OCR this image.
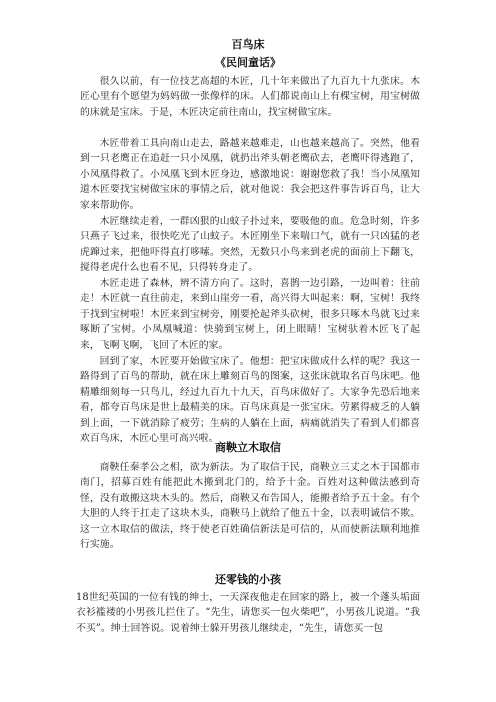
百鸟床
《民间童话》
很久以前，有一位技艺高超的木匠，几十年来做出了九百九十九张床。木匠心里有个愿望为妈妈做一张像样的床。人们都说南山上有棵宝树，用宝树做的床就是宝床。于是，木匠决定前往南山，找宝树做宝床。
木匠带着工具向南山走去，路越来越难走，山也越来越高了。突然，他看到一只老鹰正在追赶一只小凤凰，就扔出斧头朝老鹰砍去，老鹰吓得逃跑了，小凤凰得救了。小凤凰飞到木匠身边，感激地说：谢谢您救了我！当小凤凰知道木匠要找宝树做宝床的事情之后，就对他说：我会把这件事告诉百鸟，让大家来帮助你。
木匠继续走着，一群凶狠的山蚊子扑过来，要吸他的血。危急时刻，许多只燕子飞过来，很快吃光了山蚊子。木匠刚坐下来喘口气，就有一只凶猛的老虎蹿过来，把他吓得直打哆嗦。突然，无数只小鸟来到老虎的面前上下翻飞，搅得老虎什么也看不见，只得转身走了。
木匠走进了森林，辨不清方向了。这时，喜鹊一边引路，一边叫着：往前走！木匠就一直往前走，来到山崖旁一看，高兴得大叫起来：啊，宝树！我终于找到宝树啦！木匠来到宝树旁，刚要抡起斧头砍树，很多只啄木鸟就飞过来啄断了宝树。小凤凰喊道：快骑到宝树上，闭上眼睛！宝树驮着木匠飞了起来，飞啊飞啊，飞回了木匠的家。
回到了家，木匠要开始做宝床了。他想：把宝床做成什么样的呢？我这一路得到了百鸟的帮助，就在床上雕刻百鸟的图案，这张床就取名百鸟床吧。他精雕细刻每一只鸟儿，经过九百九十九天，百鸟床做好了。大家争先恐后地来看，都夸百鸟床是世上最精美的床。百鸟床真是一张宝床。劳累得疲乏的人躺到上面，一下就消除了疲劳；生病的人躺在上面，病痛就消失了看到人们都喜欢百鸟床，木匠心里可高兴啦。
商鞅立木取信
商鞅任秦孝公之相，欲为新法。为了取信于民，商鞅立三丈之木于国都市南门，招募百姓有能把此木搬到北门的，给予十金。百姓对这种做法感到奇怪，没有敢搬这块木头的。然后，商鞅又布告国人，能搬者给予五十金。有个大胆的人终于扛走了这块木头，商鞅马上就给了他五十金，以表明诚信不欺。这一立木取信的做法，终于使老百姓确信新法是可信的，从而使新法顺利地推行实施。
还零钱的小孩
18世纪英国的一位有钱的绅士，一天深夜他走在回家的路上，被一个蓬头垢面衣衫褴褛的小男孩儿拦住了。“先生，请您买一包火柴吧”，小男孩儿说道。“我不买”。绅士回答说。说着绅士躲开男孩儿继续走，“先生，请您买一包
